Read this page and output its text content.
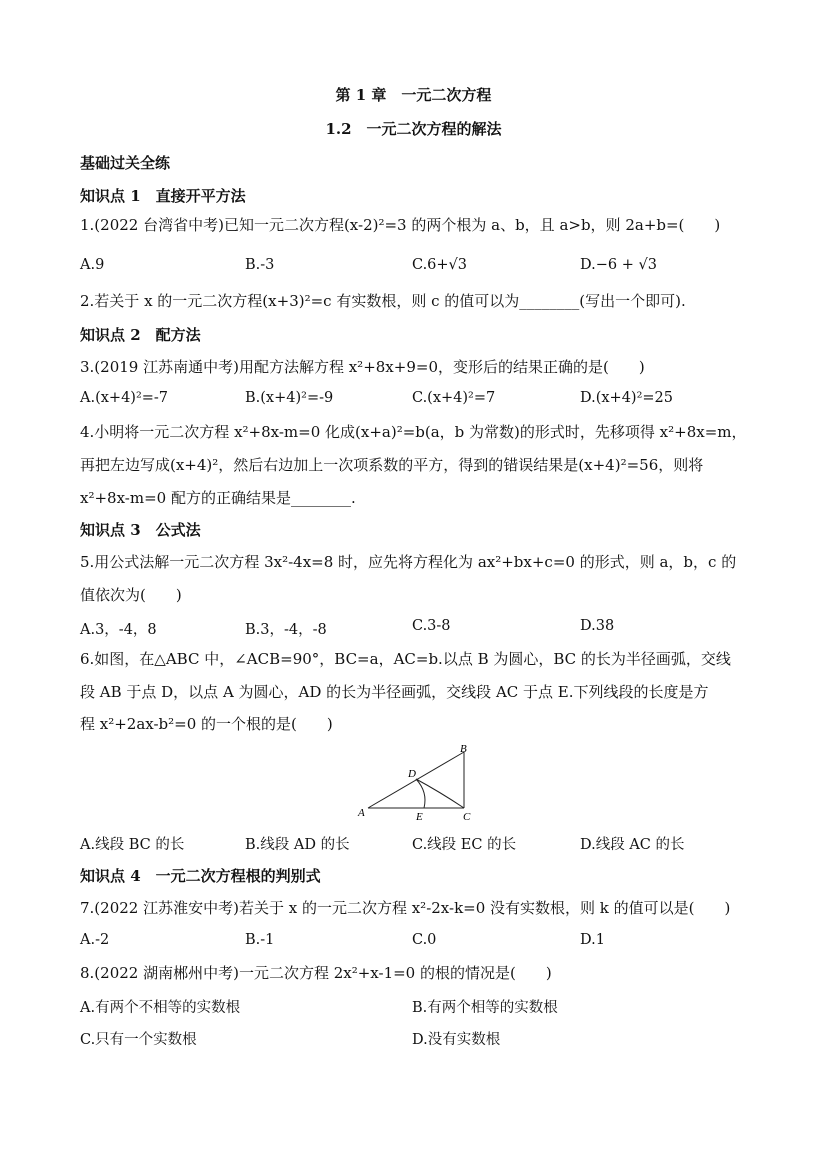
第 1 章　一元二次方程
1.2　一元二次方程的解法
基础过关全练
知识点 1　直接开平方法
1.(2022 台湾省中考)已知一元二次方程(x-2)²=3 的两个根为 a、b，且 a>b，则 2a+b=(　　)
A.9	B.-3	C.6+√3	D.−6 + √3
2.若关于 x 的一元二次方程(x+3)²=c 有实数根，则 c 的值可以为________(写出一个即可).
知识点 2　配方法
3.(2019 江苏南通中考)用配方法解方程 x²+8x+9=0，变形后的结果正确的是(　　)
A.(x+4)²=-7	B.(x+4)²=-9	C.(x+4)²=7	D.(x+4)²=25
4.小明将一元二次方程 x²+8x-m=0 化成(x+a)²=b(a，b 为常数)的形式时，先移项得 x²+8x=m，
再把左边写成(x+4)²，然后右边加上一次项系数的平方，得到的错误结果是(x+4)²=56，则将
x²+8x-m=0 配方的正确结果是________.
知识点 3　公式法
5.用公式法解一元二次方程 3x²-4x=8 时，应先将方程化为 ax²+bx+c=0 的形式，则 a，b，c 的
值依次为(　　)
A.3，-4，8	B.3，-4，-8	C.3-8	D.38
6.如图，在△ABC 中，∠ACB=90°，BC=a，AC=b.以点 B 为圆心，BC 的长为半径画弧，交线
段 AB 于点 D，以点 A 为圆心，AD 的长为半径画弧，交线段 AC 于点 E.下列线段的长度是方
程 x²+2ax-b²=0 的一个根的是(　　)
A
B
C
D
E
A.线段 BC 的长	B.线段 AD 的长	C.线段 EC 的长	D.线段 AC 的长
知识点 4　一元二次方程根的判别式
7.(2022 江苏淮安中考)若关于 x 的一元二次方程 x²-2x-k=0 没有实数根，则 k 的值可以是(　　)
A.-2	B.-1	C.0	D.1
8.(2022 湖南郴州中考)一元二次方程 2x²+x-1=0 的根的情况是(　　)
A.有两个不相等的实数根	B.有两个相等的实数根
C.只有一个实数根	D.没有实数根
